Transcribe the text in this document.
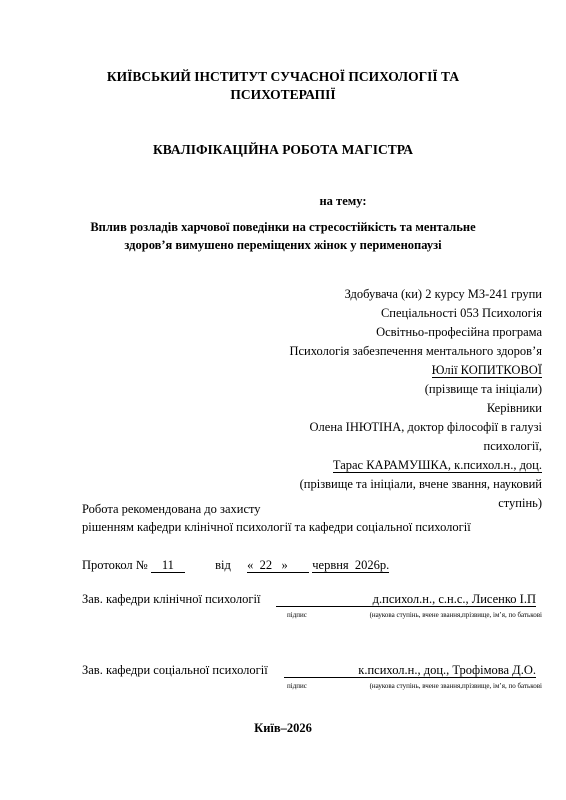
КИЇВСЬКИЙ ІНСТИТУТ СУЧАСНОЇ ПСИХОЛОГІЇ ТА
ПСИХОТЕРАПІЇ
КВАЛІФІКАЦІЙНА РОБОТА МАГІСТРА
на тему:
Вплив розладів харчової поведінки на стресостійкість та ментальне
здоров’я вимушено переміщених жінок у перименопаузі
Здобувача (ки) 2 курсу МЗ-241 групи
Спеціальності 053 Психологія
Освітньо-професійна програма
Психологія забезпечення ментального здоров’я
Юлії КОПИТКОВОЇ
(прізвище та ініціали)
Керівники
Олена ІНЮТІНА, доктор філософії в галузі
психології,
Тарас КАРАМУШКА, к.психол.н., доц.
(прізвище та ініціали, вчене звання, науковий
ступінь)
Робота рекомендована до захисту
рішенням кафедри клінічної психології та кафедри соціальної психології
Протокол № 11	від « 22 » червня  2026р.
Зав. кафедри клінічної психології	д.психол.н., с.н.с., Лисенко І.П
підпис	(наукова ступінь, вчене звання,прізвище, ім’я, по батькові
Зав. кафедри соціальної психології	к.психол.н., доц., Трофімова Д.О.
підпис	(наукова ступінь, вчене звання,прізвище, ім’я, по батькові
Київ–2026
